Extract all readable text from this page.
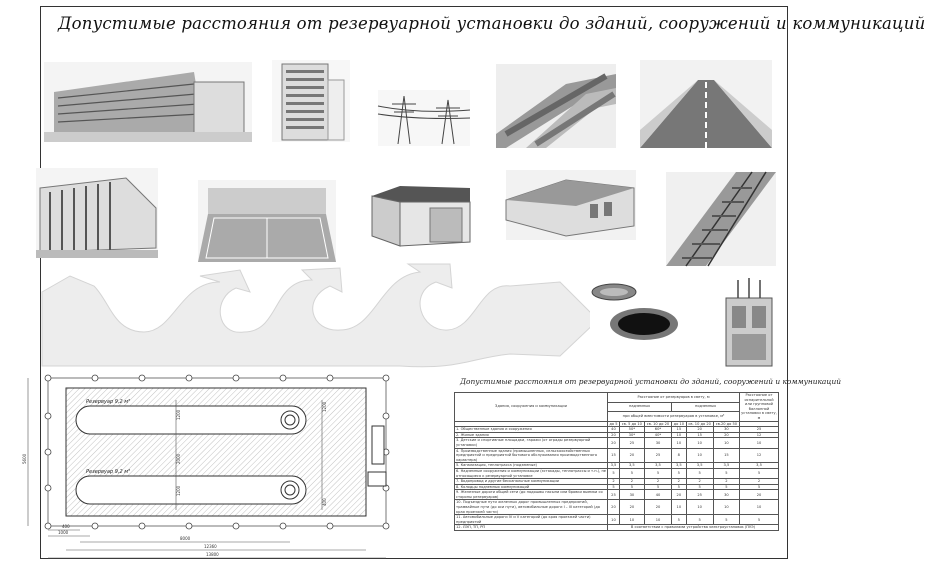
Допустимые расстояния от резервуарной установки до зданий, сооружений и коммуникаций
Резервуар 9,2 м³
Резервуар 9,2 м³
1200
2000
1200
1200
400
5600
400
1000
8000
12360
13800
Допустимые расстояния от резервуарной установки до зданий, сооружений и коммуникаций
Здания, сооружения и коммуникации	Расстояние от резервуаров в свету, м						Расстояние от испарительной или групповой баллонной установки в свету, м
	надземных			подземных			
	при общей вместимости резервуаров в установке, м³						
	до 5	св. 5 до 10	св. 10 до 20	до 10	св. 10 до 20	св.20 до 50	
1. Общественные здания и сооружения	40	50*	60*	15	20	30	25
2. Жилые здания	20	30*	40*	10	15	20	12
3. Детские и спортивные площадки, гаражи (от ограды резервуарной установки)	20	25	30	10	10	10	10
4. Производственные здания (промышленных, сельскохозяйственных предприятий и предприятий бытового обслуживания производственного характера)	15	20	25	8	10	15	12
5. Канализация, теплотрасса (подземные)	3,5	3,5	3,5	3,5	3,5	3,5	3,5
6. Надземные сооружения и коммуникации (эстакады, теплотрассы и т.п.), не относящиеся к резервуарной установке	5	5	5	5	5	5	5
7. Водопровод и другие бесканальные коммуникации	2	2	2	2	2	2	2
8. Колодцы подземных коммуникаций	5	5	5	5	5	5	5
9. Железные дороги общей сети (до подошвы насыпи или бровки выемки со стороны резервуаров)	25	30	40	20	25	30	20
10. Подъездные пути железных дорог промышленных предприятий, трамвайные пути (до оси пути), автомобильные дороги I – III категорий (до края проезжей части)	20	20	20	10	10	10	10
11. Автомобильные дороги IV и V категорий (до края проезжей части) предприятий	10	10	10	5	5	5	5
12. ЛЭП, ТП, РП	В соответствии с правилами устройства электроустановок (ПУЭ)						
